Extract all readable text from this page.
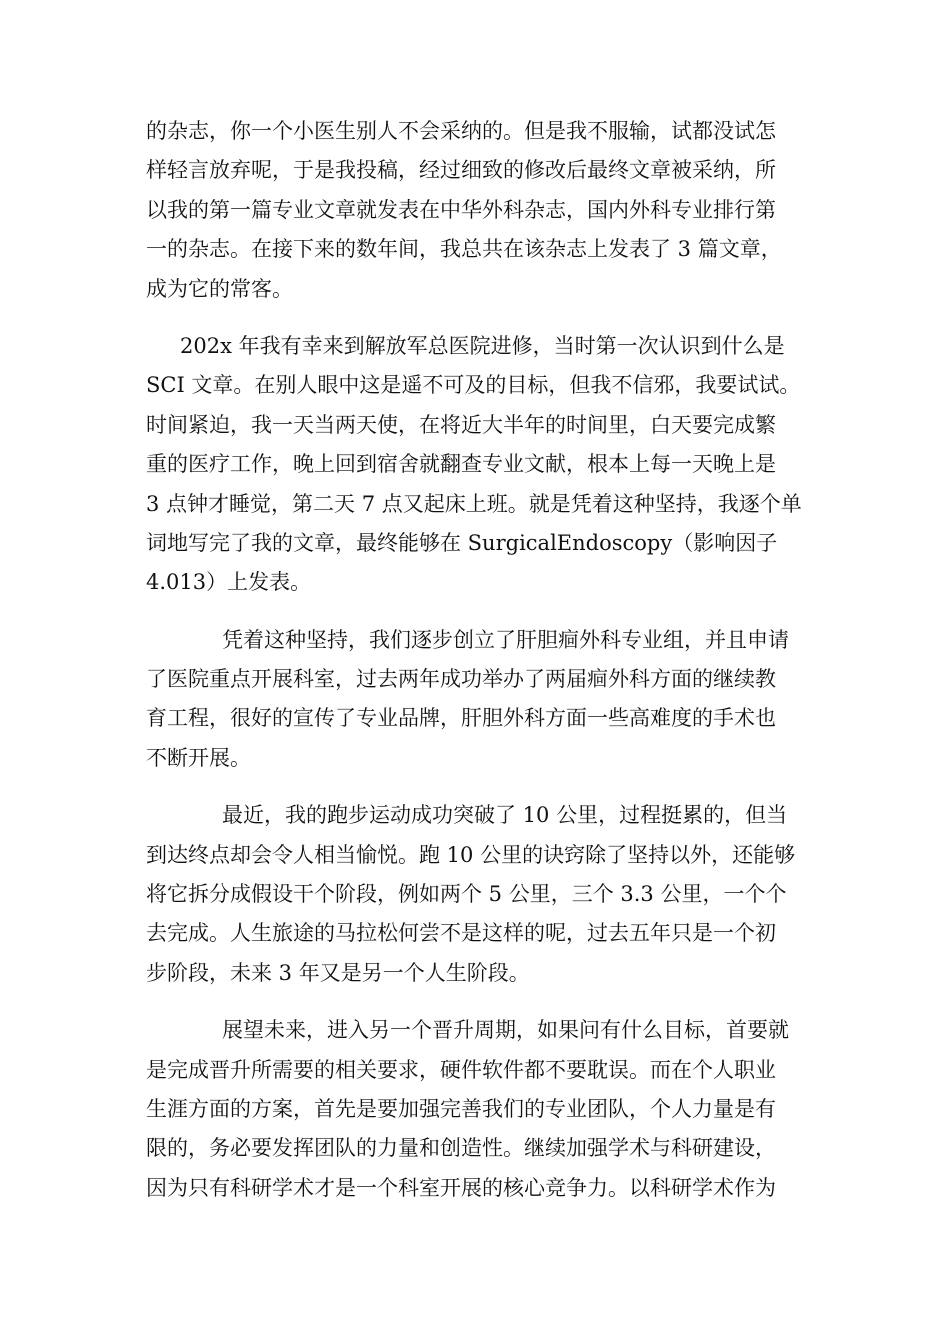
的杂志，你一个小医生别人不会采纳的。但是我不服输，试都没试怎
样轻言放弃呢，于是我投稿，经过细致的修改后最终文章被采纳，所
以我的第一篇专业文章就发表在中华外科杂志，国内外科专业排行第
一的杂志。在接下来的数年间，我总共在该杂志上发表了 3 篇文章，
成为它的常客。
202x 年我有幸来到解放军总医院进修，当时第一次认识到什么是
SCI 文章。在别人眼中这是遥不可及的目标，但我不信邪，我要试试。
时间紧迫，我一天当两天使，在将近大半年的时间里，白天要完成繁
重的医疗工作，晚上回到宿舍就翻查专业文献，根本上每一天晚上是
3 点钟才睡觉，第二天 7 点又起床上班。就是凭着这种坚持，我逐个单
词地写完了我的文章，最终能够在 SurgicalEndoscopy（影响因子
4.013）上发表。
凭着这种坚持，我们逐步创立了肝胆痐外科专业组，并且申请
了医院重点开展科室，过去两年成功举办了两届痐外科方面的继续教
育工程，很好的宣传了专业品牌，肝胆外科方面一些高难度的手术也
不断开展。
最近，我的跑步运动成功突破了 10 公里，过程挺累的，但当
到达终点却会令人相当愉悦。跑 10 公里的诀窍除了坚持以外，还能够
将它拆分成假设干个阶段，例如两个 5 公里，三个 3.3 公里，一个个
去完成。人生旅途的马拉松何尝不是这样的呢，过去五年只是一个初
步阶段，未来 3 年又是另一个人生阶段。
展望未来，进入另一个晋升周期，如果问有什么目标，首要就
是完成晋升所需要的相关要求，硬件软件都不要耽误。而在个人职业
生涯方面的方案，首先是要加强完善我们的专业团队，个人力量是有
限的，务必要发挥团队的力量和创造性。继续加强学术与科研建设，
因为只有科研学术才是一个科室开展的核心竞争力。以科研学术作为
